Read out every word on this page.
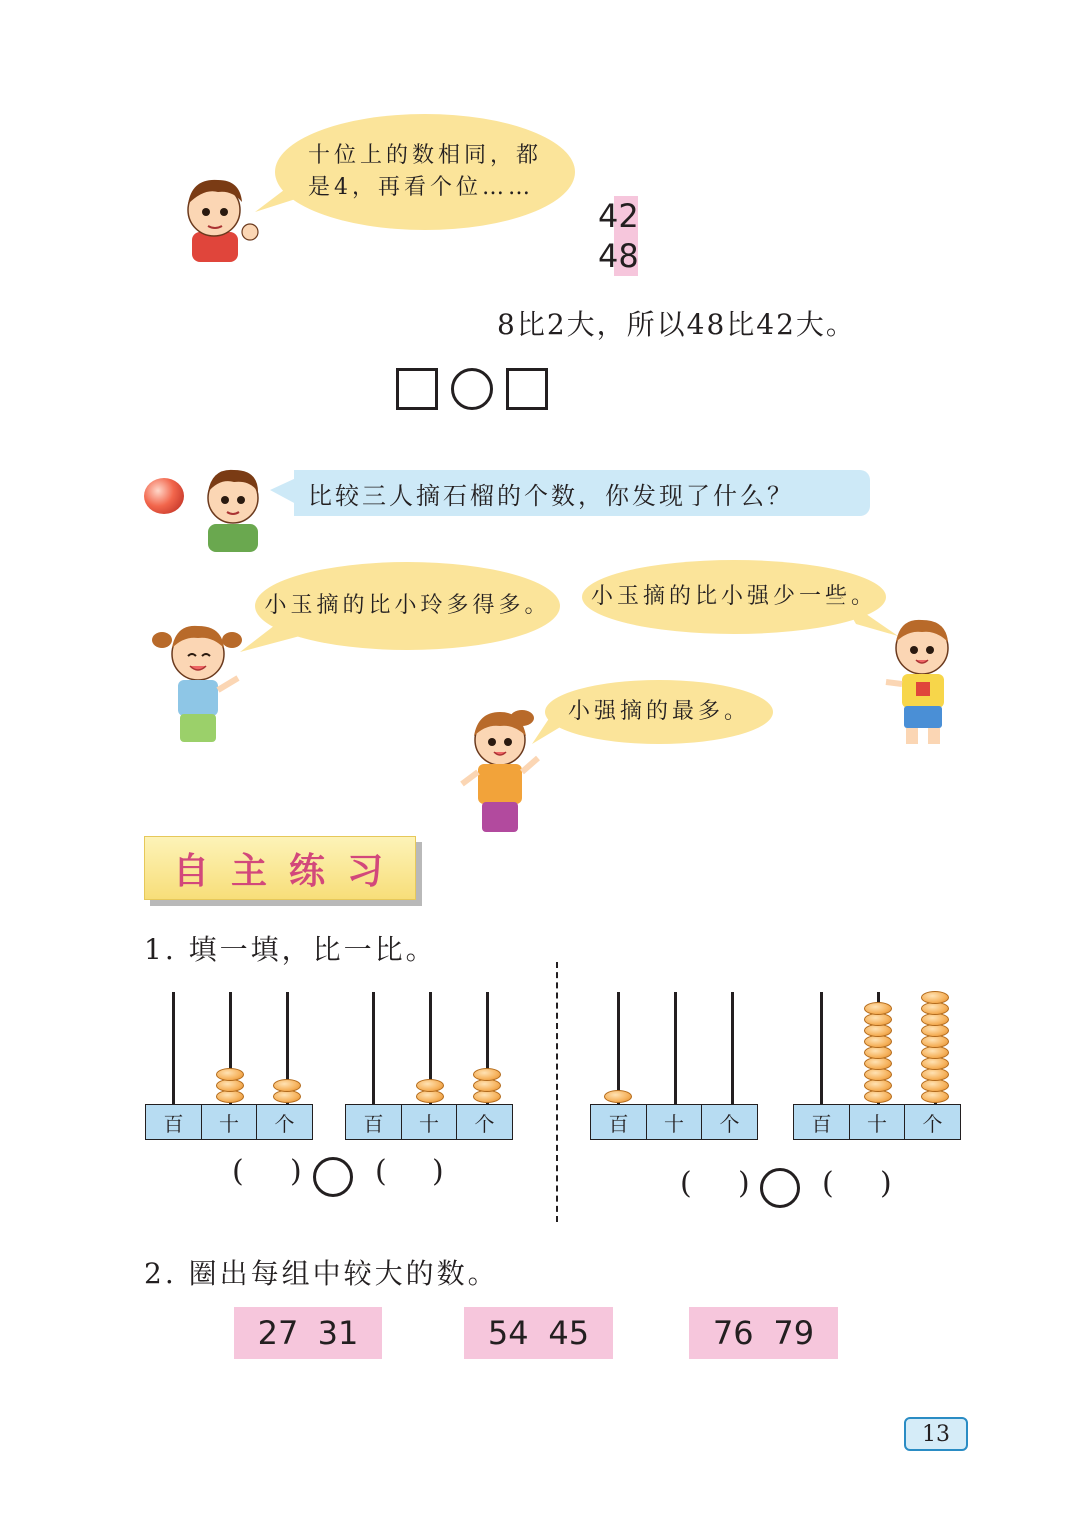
十位上的数相同，都
是4，再看个位……
42
48
8比2大，所以48比42大。
比较三人摘石榴的个数，你发现了什么？
小玉摘的比小玲多得多。 小玉摘的比小强少一些。
小强摘的最多。
自主练习
1. 填一填，比一比。
百	十	个	百	十	个	百	十	个	百	十	个
( ) ( )	( ) ( )
2. 圈出每组中较大的数。
27 31	54 45	76 79
13
